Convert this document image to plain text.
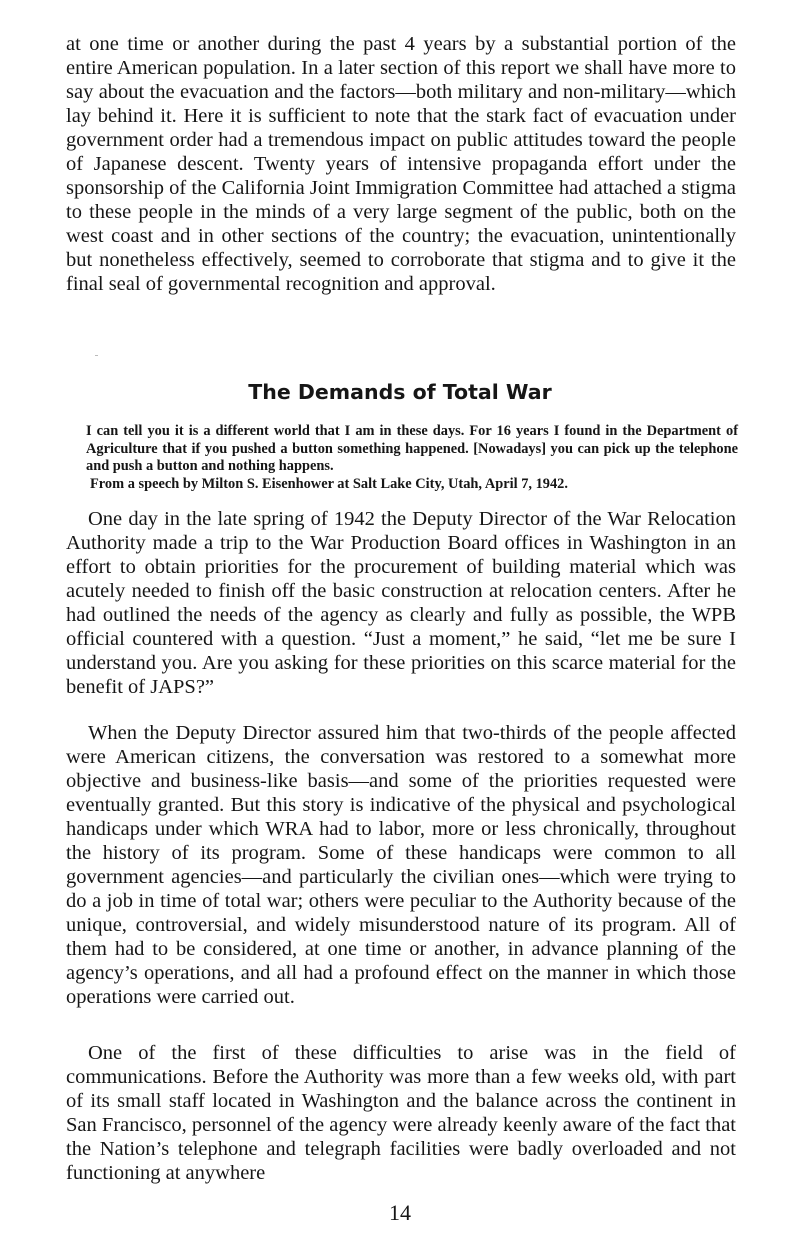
at one time or another during the past 4 years by a substantial portion of the entire American population. In a later section of this report we shall have more to say about the evacuation and the factors—both military and non-military—which lay behind it. Here it is sufficient to note that the stark fact of evacuation under government order had a tremendous impact on public attitudes toward the people of Japanese descent. Twenty years of intensive propaganda effort under the sponsorship of the California Joint Immigration Committee had attached a stigma to these people in the minds of a very large segment of the public, both on the west coast and in other sections of the country; the evacuation, unintentionally but nonetheless effectively, seemed to corroborate that stigma and to give it the final seal of governmental recognition and approval.

The Demands of Total War
I can tell you it is a different world that I am in these days. For 16 years I found in the Department of Agriculture that if you pushed a button something happened. [Nowadays] you can pick up the telephone and push a button and nothing happens.
From a speech by Milton S. Eisenhower at Salt Lake City, Utah, April 7, 1942.

One day in the late spring of 1942 the Deputy Director of the War Relocation Authority made a trip to the War Production Board offices in Washington in an effort to obtain priorities for the procurement of building material which was acutely needed to finish off the basic construction at relocation centers. After he had outlined the needs of the agency as clearly and fully as possible, the WPB official countered with a question. “Just a moment,” he said, “let me be sure I understand you. Are you asking for these priorities on this scarce material for the benefit of JAPS?”

When the Deputy Director assured him that two-thirds of the people affected were American citizens, the conversation was restored to a somewhat more objective and business-like basis—and some of the priorities requested were eventually granted. But this story is indicative of the physical and psychological handicaps under which WRA had to labor, more or less chronically, throughout the history of its program. Some of these handicaps were common to all government agencies—and particularly the civilian ones—which were trying to do a job in time of total war; others were peculiar to the Authority because of the unique, controversial, and widely misunderstood nature of its program. All of them had to be considered, at one time or another, in advance planning of the agency’s operations, and all had a profound effect on the manner in which those operations were carried out.

One of the first of these difficulties to arise was in the field of communications. Before the Authority was more than a few weeks old, with part of its small staff located in Washington and the balance across the continent in San Francisco, personnel of the agency were already keenly aware of the fact that the Nation’s telephone and telegraph facilities were badly overloaded and not functioning at anywhere

14
